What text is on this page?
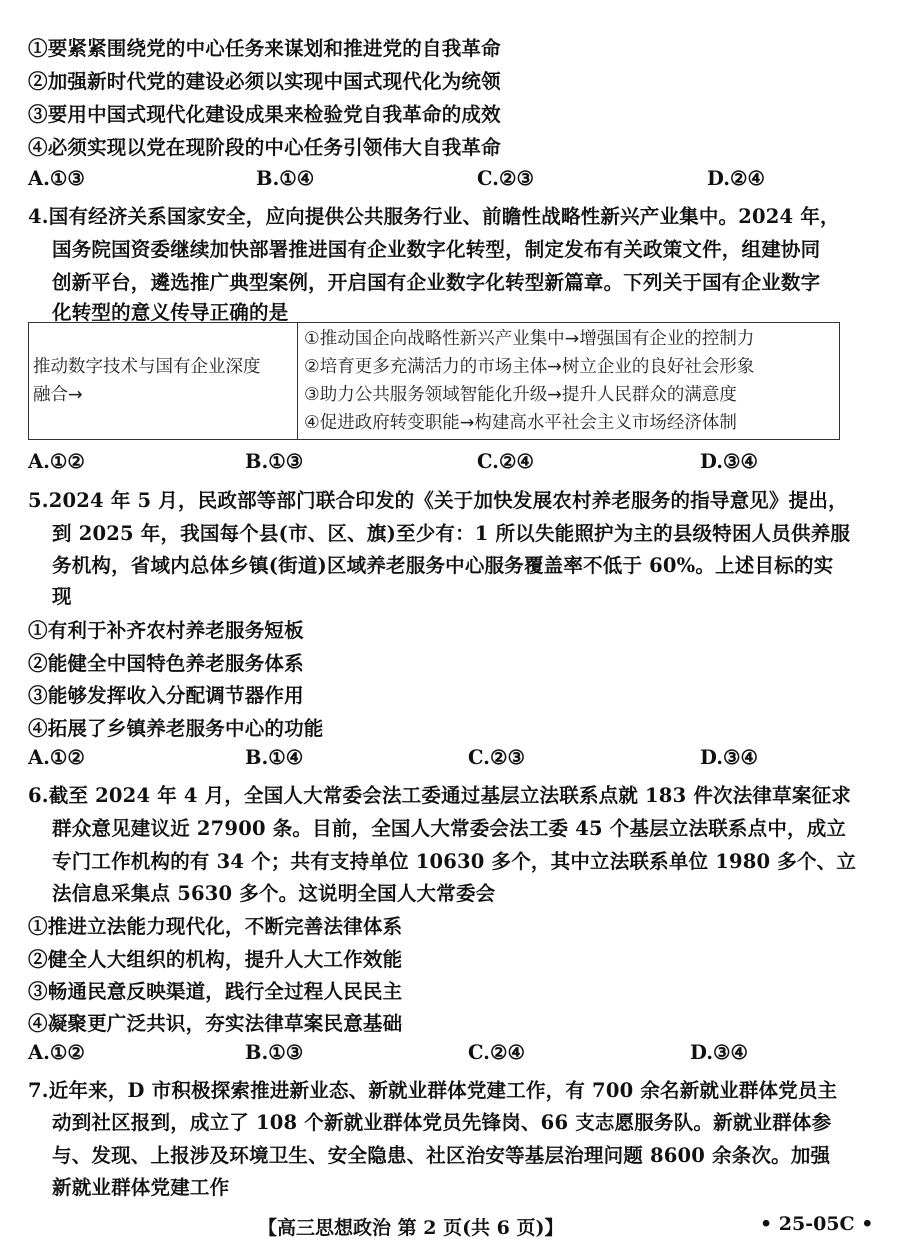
①要紧紧围绕党的中心任务来谋划和推进党的自我革命
②加强新时代党的建设必须以实现中国式现代化为统领
③要用中国式现代化建设成果来检验党自我革命的成效
④必须实现以党在现阶段的中心任务引领伟大自我革命
A.①③	B.①④	C.②③	D.②④
4.国有经济关系国家安全，应向提供公共服务行业、前瞻性战略性新兴产业集中。2024 年，
国务院国资委继续加快部署推进国有企业数字化转型，制定发布有关政策文件，组建协同
创新平台，遴选推广典型案例，开启国有企业数字化转型新篇章。下列关于国有企业数字
化转型的意义传导正确的是
推动数字技术与国有企业深度
融合→

①推动国企向战略性新兴产业集中→增强国有企业的控制力
②培育更多充满活力的市场主体→树立企业的良好社会形象
③助力公共服务领域智能化升级→提升人民群众的满意度
④促进政府转变职能→构建高水平社会主义市场经济体制
A.①②	B.①③	C.②④	D.③④
5.2024 年 5 月，民政部等部门联合印发的《关于加快发展农村养老服务的指导意见》提出，
到 2025 年，我国每个县(市、区、旗)至少有：1 所以失能照护为主的县级特困人员供养服
务机构，省域内总体乡镇(街道)区域养老服务中心服务覆盖率不低于 60%。上述目标的实
现
①有利于补齐农村养老服务短板
②能健全中国特色养老服务体系
③能够发挥收入分配调节器作用
④拓展了乡镇养老服务中心的功能
A.①②	B.①④	C.②③	D.③④
6.截至 2024 年 4 月，全国人大常委会法工委通过基层立法联系点就 183 件次法律草案征求
群众意见建议近 27900 条。目前，全国人大常委会法工委 45 个基层立法联系点中，成立
专门工作机构的有 34 个；共有支持单位 10630 多个，其中立法联系单位 1980 多个、立
法信息采集点 5630 多个。这说明全国人大常委会
①推进立法能力现代化，不断完善法律体系
②健全人大组织的机构，提升人大工作效能
③畅通民意反映渠道，践行全过程人民民主
④凝聚更广泛共识，夯实法律草案民意基础
A.①②	B.①③	C.②④	D.③④
7.近年来，D 市积极探索推进新业态、新就业群体党建工作，有 700 余名新就业群体党员主
动到社区报到，成立了 108 个新就业群体党员先锋岗、66 支志愿服务队。新就业群体参
与、发现、上报涉及环境卫生、安全隐患、社区治安等基层治理问题 8600 余条次。加强
新就业群体党建工作
【高三思想政治 第 2 页(共 6 页)】	• 25-05C •
